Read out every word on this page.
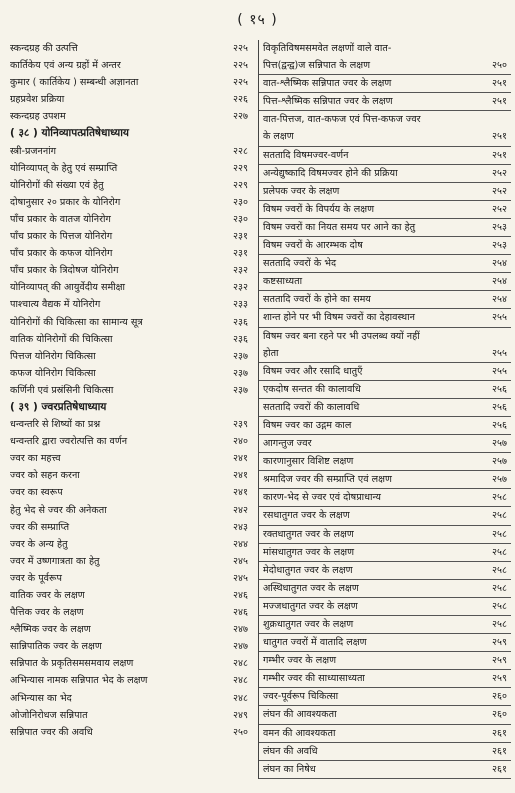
( १५ )
स्कन्दग्रह की उत्पत्ति	२२५
कार्तिकेय एवं अन्य ग्रहों में अन्तर	२२५
कुमार ( कार्तिकेय ) सम्बन्धी अज्ञानता	२२५
ग्रहप्रवेश प्रक्रिया	२२६
स्कन्दग्रह उपशम	२२७
( ३८ ) योनिव्यापत्प्रतिषेधाध्याय
स्त्री-प्रजननांग	२२८
योनिव्यापत् के हेतु एवं सम्प्राप्ति	२२९
योनिरोगों की संख्या एवं हेतु	२२९
दोषानुसार २० प्रकार के योनिरोग	२३०
पाँच प्रकार के वातज योनिरोग	२३०
पाँच प्रकार के पित्तज योनिरोग	२३१
पाँच प्रकार के कफज योनिरोग	२३१
पाँच प्रकार के त्रिदोषज योनिरोग	२३२
योनिव्यापत् की आयुर्वेदीय समीक्षा	२३२
पाश्चात्य वैद्यक में योनिरोग	२३३
योनिरोगों की चिकित्सा का सामान्य सूत्र	२३६
वातिक योनिरोगों की चिकित्सा	२३६
पित्तज योनिरोग चिकित्सा	२३७
कफज योनिरोग चिकित्सा	२३७
कर्णिनी एवं प्रस्रंसिनी चिकित्सा	२३७
( ३९ ) ज्वरप्रतिषेधाध्याय
धन्वन्तरि से शिष्यों का प्रश्न	२३९
धन्वन्तरि द्वारा ज्वरोत्पत्ति का वर्णन	२४०
ज्वर का महत्त्व	२४१
ज्वर को सहन करना	२४१
ज्वर का स्वरूप	२४१
हेतु भेद से ज्वर की अनेकता	२४२
ज्वर की सम्प्राप्ति	२४३
ज्वर के अन्य हेतु	२४४
ज्वर में उष्णगात्रता का हेतु	२४५
ज्वर के पूर्वरूप	२४५
वातिक ज्वर के लक्षण	२४६
पैत्तिक ज्वर के लक्षण	२४६
श्लैष्मिक ज्वर के लक्षण	२४७
सान्निपातिक ज्वर के लक्षण	२४७
सन्निपात के प्रकृतिसमसमवाय लक्षण	२४८
अभिन्यास नामक सन्निपात भेद के लक्षण	२४८
अभिन्यास का भेद	२४८
ओजोनिरोधज सन्निपात	२४९
सन्निपात ज्वर की अवधि	२५०
विकृतिविषमसमवेत लक्षणों वाले वात-
पित्त(द्वन्द्व)ज सन्निपात के लक्षण	२५०
वात-श्लैष्मिक सन्निपात ज्वर के लक्षण	२५१
पित्त-श्लैष्मिक सन्निपात ज्वर के लक्षण	२५१
वात-पित्तज, वात-कफज एवं पित्त-कफज ज्वर
के लक्षण	२५१
सततादि विषमज्वर-वर्णन	२५१
अन्येद्युष्कादि विषमज्वर होने की प्रक्रिया	२५२
प्रलेपक ज्वर के लक्षण	२५२
विषम ज्वरों के विपर्यय के लक्षण	२५२
विषम ज्वरों का नियत समय पर आने का हेतु	२५३
विषम ज्वरों के आरम्भक दोष	२५३
सततादि ज्वरों के भेद	२५४
कष्टसाध्यता	२५४
सततादि ज्वरों के होने का समय	२५४
शान्त होने पर भी विषम ज्वरों का देहावस्थान	२५५
विषम ज्वर बना रहने पर भी उपलब्ध क्यों नहीं
होता	२५५
विषम ज्वर और रसादि धातुएँ	२५५
एकदोष सन्तत की कालावधि	२५६
सततादि ज्वरों की कालावधि	२५६
विषम ज्वर का उद्गम काल	२५६
आगन्तुज ज्वर	२५७
कारणानुसार विशिष्ट लक्षण	२५७
श्रमादिज ज्वर की सम्प्राप्ति एवं लक्षण	२५७
कारण-भेद से ज्वर एवं दोषप्राधान्य	२५८
रसधातुगत ज्वर के लक्षण	२५८
रक्तधातुगत ज्वर के लक्षण	२५८
मांसधातुगत ज्वर के लक्षण	२५८
मेदोधातुगत ज्वर के लक्षण	२५८
अस्थिधातुगत ज्वर के लक्षण	२५८
मज्जधातुगत ज्वर के लक्षण	२५८
शुक्रधातुगत ज्वर के लक्षण	२५८
धातुगत ज्वरों में वातादि लक्षण	२५९
गम्भीर ज्वर के लक्षण	२५९
गम्भीर ज्वर की साध्यासाध्यता	२५९
ज्वर-पूर्वरूप चिकित्सा	२६०
लंघन की आवश्यकता	२६०
वमन की आवश्यकता	२६१
लंघन की अवधि	२६१
लंघन का निषेध	२६१
